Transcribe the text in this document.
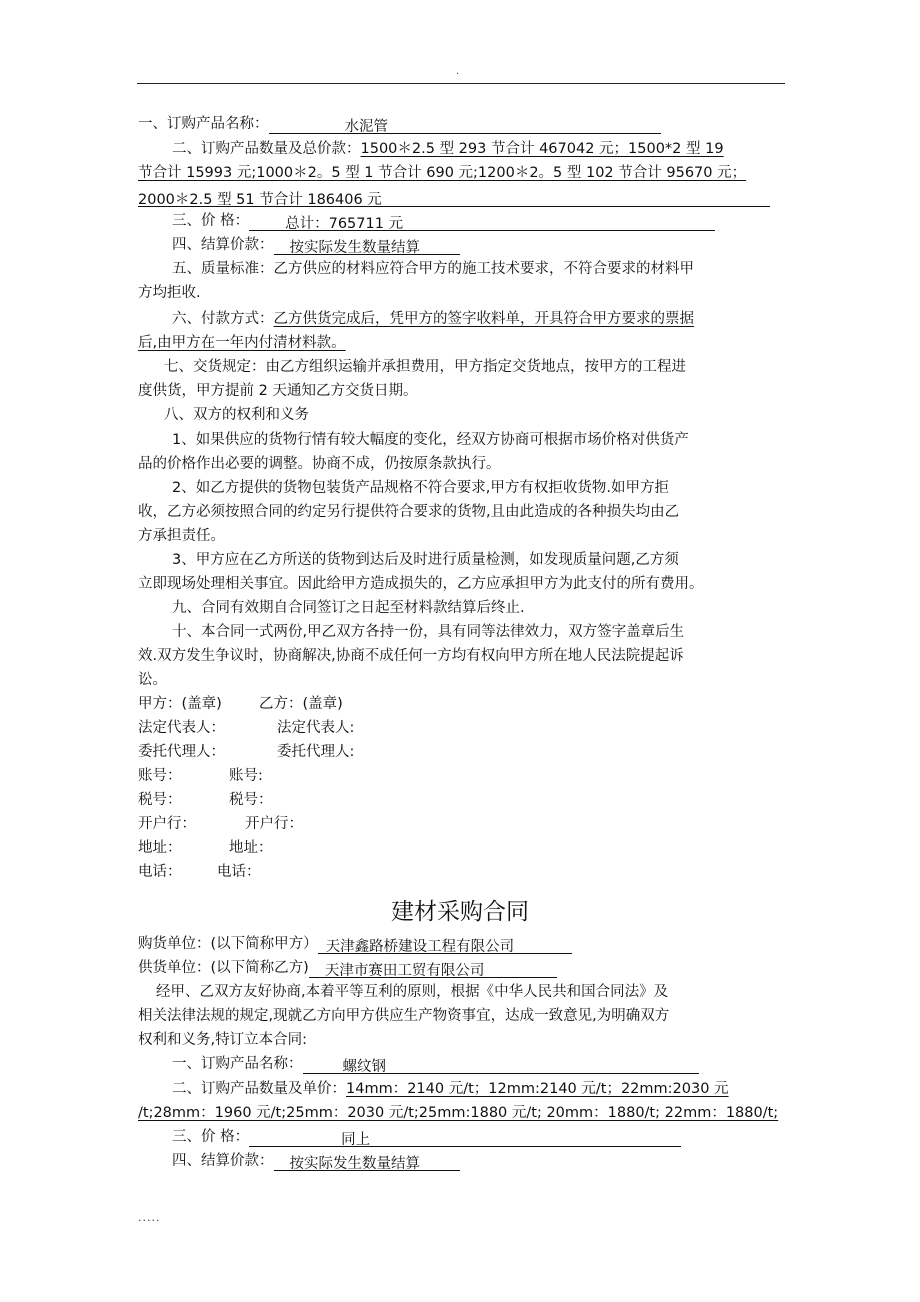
.
一、订购产品名称：	水泥管
二、订购产品数量及总价款：1500＊2.5 型 293 节合计 467042 元；1500*2 型 19
节合计 15993 元;1000＊2。5 型 1 节合计 690 元;1200＊2。5 型 102 节合计 95670 元；
2000＊2.5 型 51 节合计 186406 元
三、价 格： 总计：765711 元
四、结算价款： 按实际发生数量结算
五、质量标准：乙方供应的材料应符合甲方的施工技术要求，不符合要求的材料甲
方均拒收.
六、付款方式：乙方供货完成后，凭甲方的签字收料单，开具符合甲方要求的票据
后,由甲方在一年内付清材料款。
七、交货规定：由乙方组织运输并承担费用，甲方指定交货地点，按甲方的工程进
度供货，甲方提前 2 天通知乙方交货日期。
八、双方的权利和义务
1、如果供应的货物行情有较大幅度的变化，经双方协商可根据市场价格对供货产
品的价格作出必要的调整。协商不成，仍按原条款执行。
2、如乙方提供的货物包装货产品规格不符合要求,甲方有权拒收货物.如甲方拒
收，乙方必须按照合同的约定另行提供符合要求的货物,且由此造成的各种损失均由乙
方承担责任。
3、甲方应在乙方所送的货物到达后及时进行质量检测，如发现质量问题,乙方须
立即现场处理相关事宜。因此给甲方造成损失的，乙方应承担甲方为此支付的所有费用。
九、合同有效期自合同签订之日起至材料款结算后终止.
十、本合同一式两份,甲乙双方各持一份，具有同等法律效力，双方签字盖章后生
效.双方发生争议时，协商解决,协商不成任何一方均有权向甲方所在地人民法院提起诉
讼。
甲方：(盖章)	乙方：(盖章)
法定代表人：	法定代表人:
委托代理人：	委托代理人:
账号：	账号:
税号：	税号：
开户行：	开户行：
地址：	地址：
电话： 电话：
建材采购合同
购货单位：(以下简称甲方） 天津鑫路桥建设工程有限公司
供货单位：(以下简称乙方) 天津市赛田工贸有限公司
经甲、乙双方友好协商,本着平等互利的原则，根据《中华人民共和国合同法》及
相关法律法规的规定,现就乙方向甲方供应生产物资事宜，达成一致意见,为明确双方
权利和义务,特订立本合同:
一、订购产品名称：	螺纹钢
二、订购产品数量及单价：14mm：2140 元/t；12mm:2140 元/t；22mm:2030 元
/t;28mm：1960 元/t;25mm：2030 元/t;25mm:1880 元/t; 20mm：1880/t; 22mm：1880/t;
三、价 格：	同上
四、结算价款： 按实际发生数量结算
.....
